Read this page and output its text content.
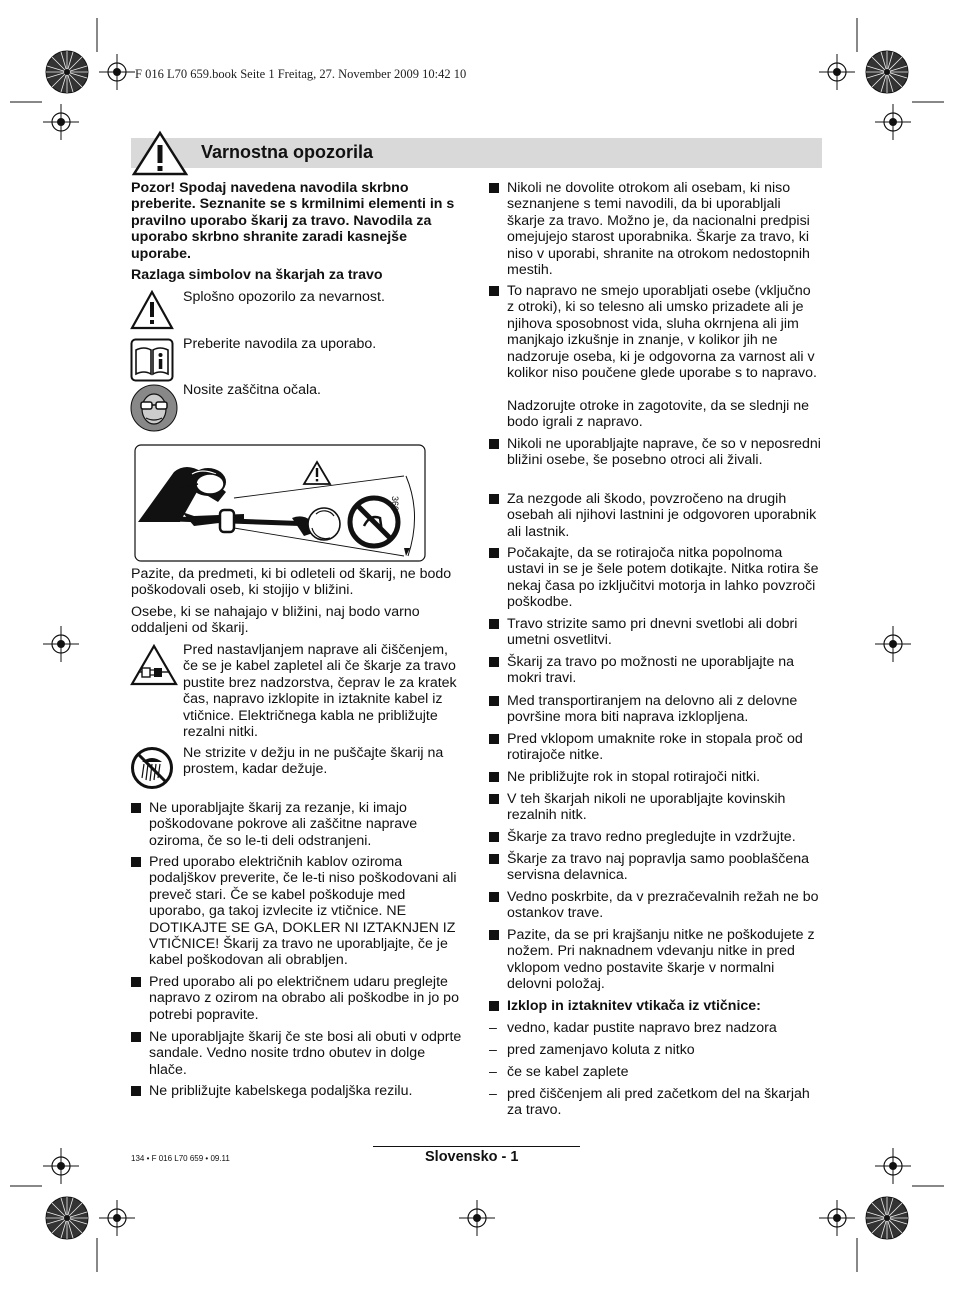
F 016 L70 659.book Seite 1 Freitag, 27. November 2009 10:42 10
Varnostna opozorila
Pozor! Spodaj navedena navodila skrbno preberite. Seznanite se s krmilnimi elementi in s pravilno uporabo škarij za travo. Navodila za uporabo skrbno shranite zaradi kasnejše uporabe.
Razlaga simbolov na škarjah za travo
Splošno opozorilo za nevarnost.
Preberite navodila za uporabo.
Nosite zaščitna očala.
360°
Pazite, da predmeti, ki bi odleteli od škarij, ne bodo poškodovali oseb, ki stojijo v bližini.
Osebe, ki se nahajajo v bližini, naj bodo varno oddaljeni od škarij.
Pred nastavljanjem naprave ali čiščenjem, če se je kabel zapletel ali če škarje za travo pustite brez nadzorstva, čeprav le za kratek čas, napravo izklopite in iztaknite kabel iz vtičnice. Električnega kabla ne približujte rezalni nitki.
Ne strizite v dežju in ne puščajte škarij na prostem, kadar dežuje.
Ne uporabljajte škarij za rezanje, ki imajo poškodovane pokrove ali zaščitne naprave oziroma, če so le-ti deli odstranjeni.
Pred uporabo električnih kablov oziroma podaljškov preverite, če le-ti niso poškodovani ali preveč stari. Če se kabel poškoduje med uporabo, ga takoj izvlecite iz vtičnice. NE DOTIKAJTE SE GA, DOKLER NI IZTAKNJEN IZ VTIČNICE! Škarij za travo ne uporabljajte, če je kabel poškodovan ali obrabljen.
Pred uporabo ali po električnem udaru preglejte napravo z ozirom na obrabo ali poškodbe in jo po potrebi popravite.
Ne uporabljajte škarij če ste bosi ali obuti v odprte sandale. Vedno nosite trdno obutev in dolge hlače.
Ne približujte kabelskega podaljška rezilu.
Nikoli ne dovolite otrokom ali osebam, ki niso seznanjene s temi navodili, da bi uporabljali škarje za travo. Možno je, da nacionalni predpisi omejujejo starost uporabnika. Škarje za travo, ki niso v uporabi, shranite na otrokom nedostopnih mestih.
To napravo ne smejo uporabljati osebe (vključno z otroki), ki so telesno ali umsko prizadete ali je njihova sposobnost vida, sluha okrnjena ali jim manjkajo izkušnje in znanje, v kolikor jih ne nadzoruje oseba, ki je odgovorna za varnost ali v kolikor niso poučene glede uporabe s to napravo.
Nadzorujte otroke in zagotovite, da se slednji ne bodo igrali z napravo.
Nikoli ne uporabljajte naprave, če so v neposredni bližini osebe, še posebno otroci ali živali.
Za nezgode ali škodo, povzročeno na drugih osebah ali njihovi lastnini je odgovoren uporabnik ali lastnik.
Počakajte, da se rotirajoča nitka popolnoma ustavi in se je šele potem dotikajte. Nitka rotira še nekaj časa po izključitvi motorja in lahko povzroči poškodbe.
Travo strizite samo pri dnevni svetlobi ali dobri umetni osvetlitvi.
Škarij za travo po možnosti ne uporabljajte na mokri travi.
Med transportiranjem na delovno ali z delovne površine mora biti naprava izklopljena.
Pred vklopom umaknite roke in stopala proč od rotirajoče nitke.
Ne približujte rok in stopal rotirajoči nitki.
V teh škarjah nikoli ne uporabljajte kovinskih rezalnih nitk.
Škarje za travo redno pregledujte in vzdržujte.
Škarje za travo naj popravlja samo pooblaščena servisna delavnica.
Vedno poskrbite, da v prezračevalnih režah ne bo ostankov trave.
Pazite, da se pri krajšanju nitke ne poškodujete z nožem. Pri naknadnem vdevanju nitke in pred vklopom vedno postavite škarje v normalni delovni položaj.
Izklop in iztaknitev vtikača iz vtičnice:
– vedno, kadar pustite napravo brez nadzora
– pred zamenjavo koluta z nitko
– če se kabel zaplete
– pred čiščenjem ali pred začetkom del na škarjah za travo.
134 • F 016 L70 659 • 09.11	Slovensko - 1
